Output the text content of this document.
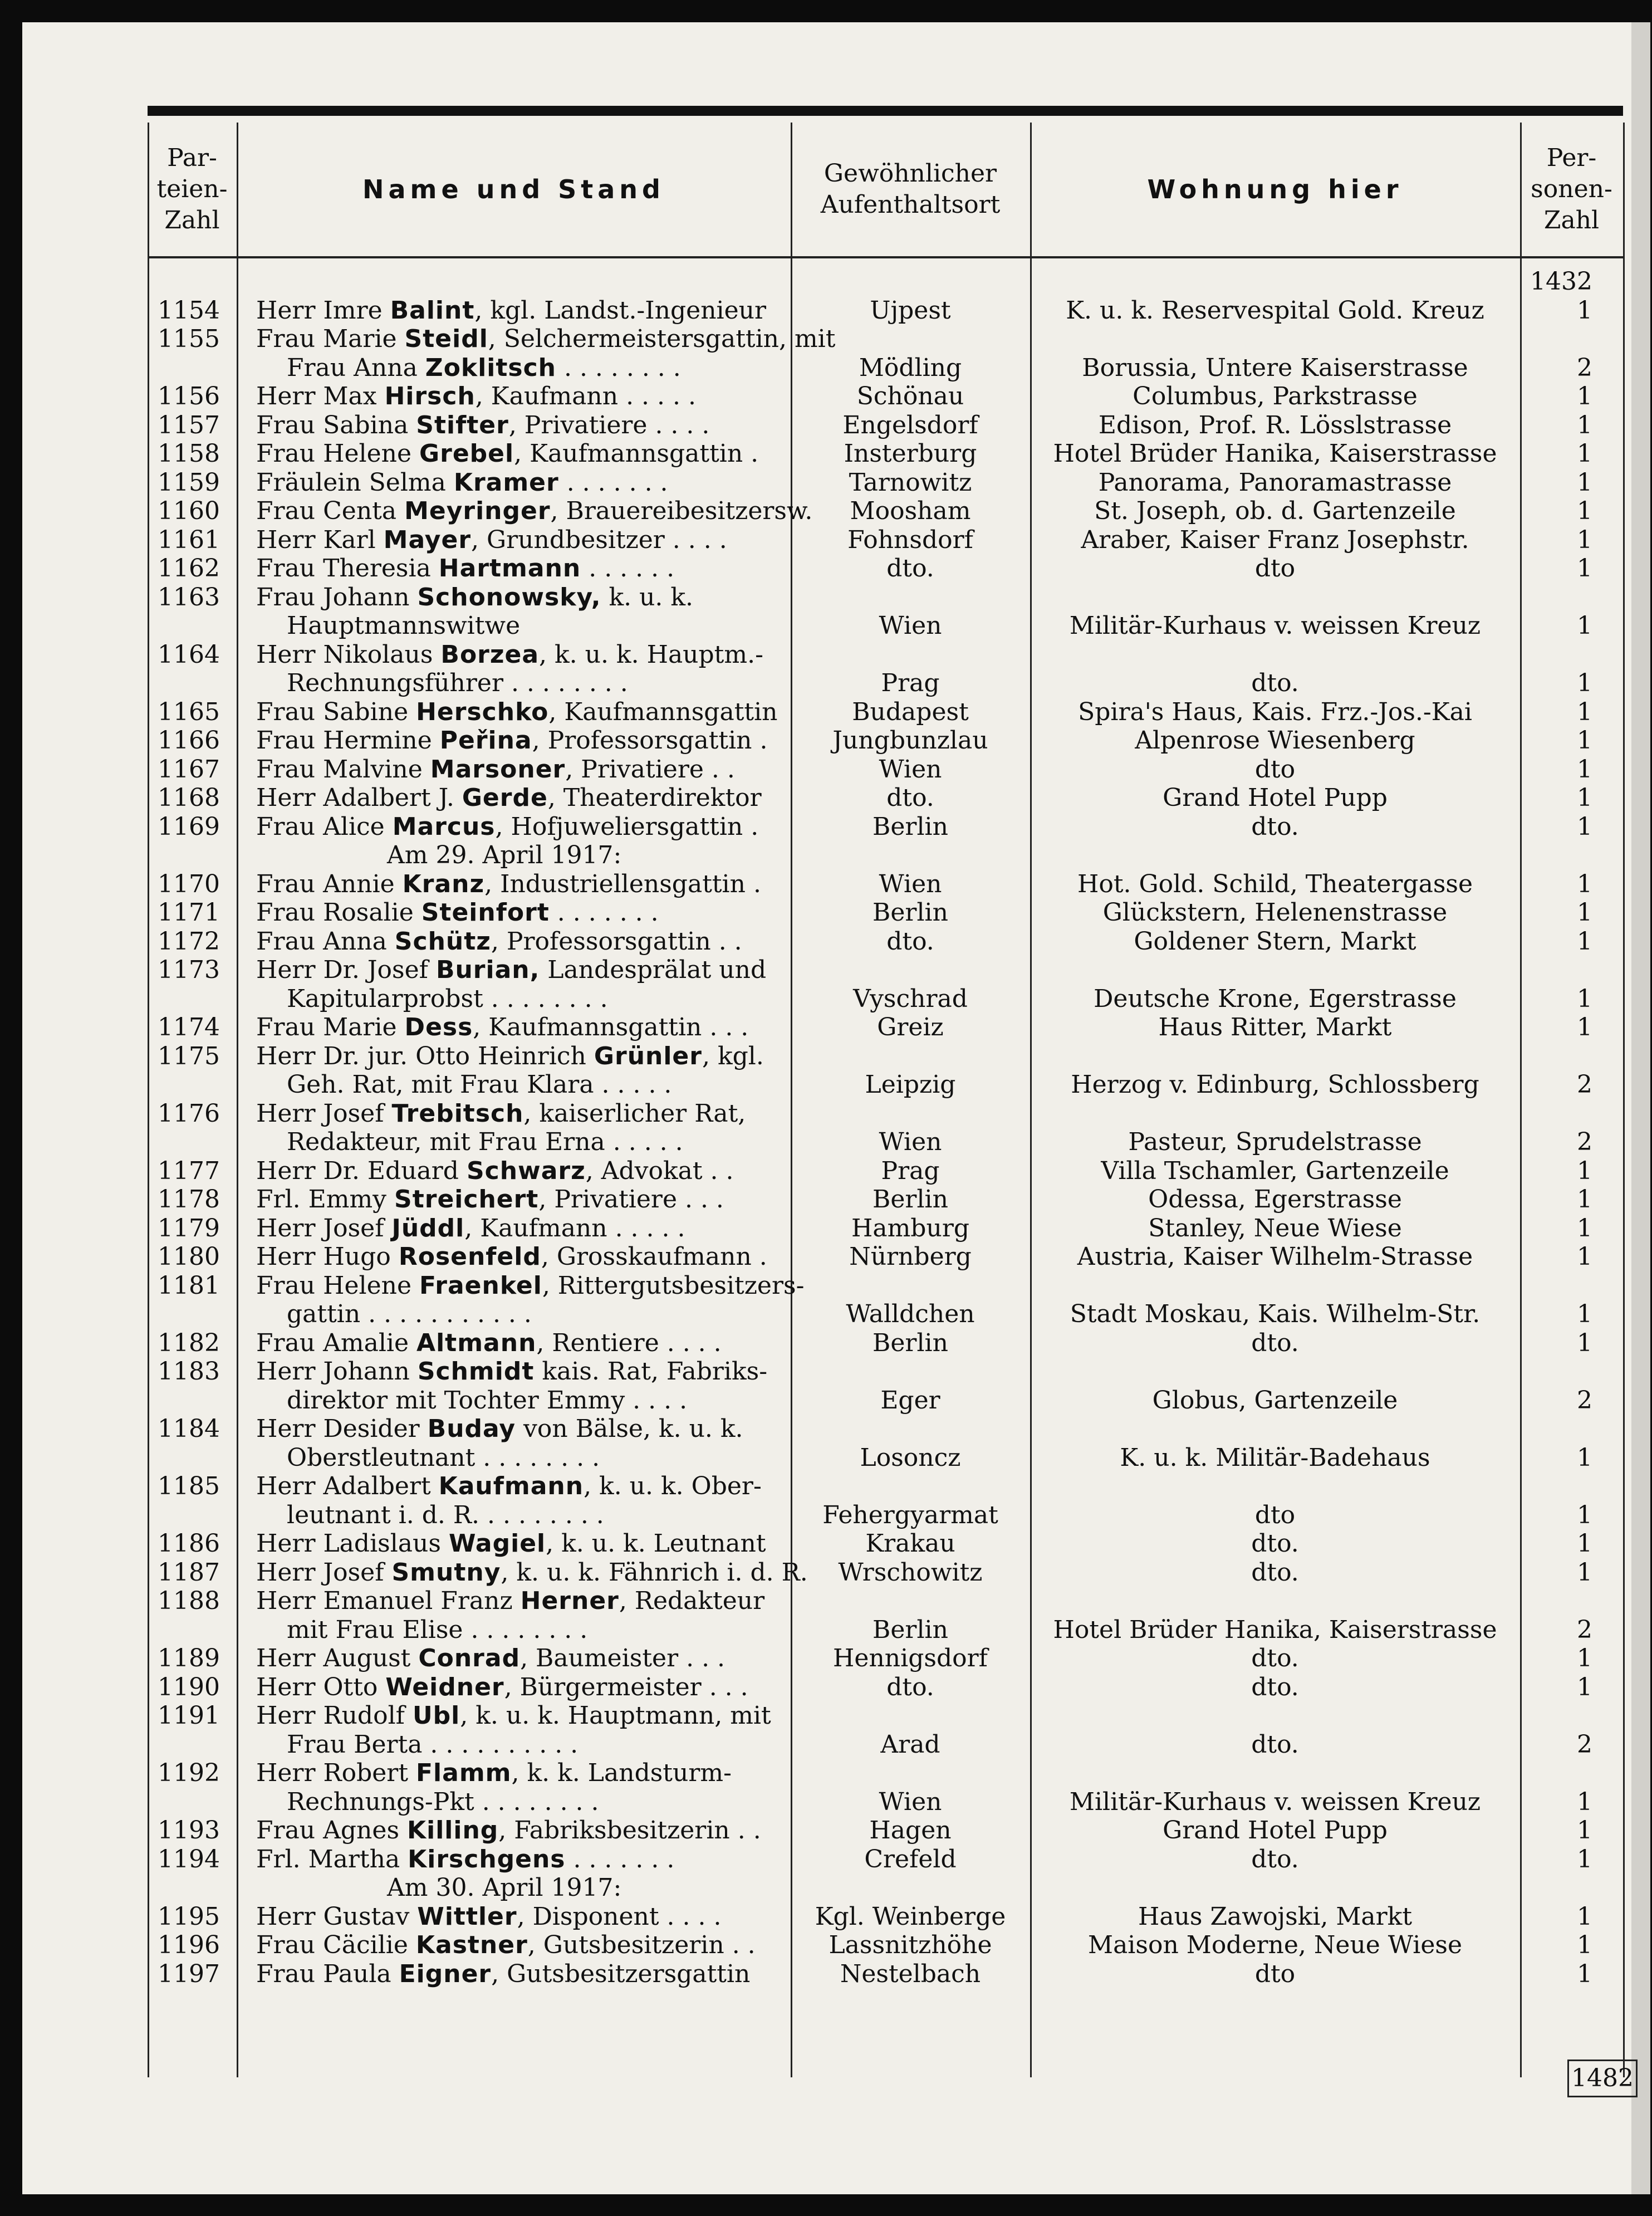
Par-
teien-
Zahl
Name und Stand
Gewöhnlicher
Aufenthaltsort
Wohnung hier
Per-
sonen-
Zahl
1432
1154	Herr Imre Balint, kgl. Landst.-Ingenieur	Ujpest	K. u. k. Reservespital Gold. Kreuz	1
1155	Frau Marie Steidl, Selchermeistersgattin, mit
Frau Anna Zoklitsch . . . . . . . .	Mödling	Borussia, Untere Kaiserstrasse	2
1156	Herr Max Hirsch, Kaufmann . . . . .	Schönau	Columbus, Parkstrasse	1
1157	Frau Sabina Stifter, Privatiere . . . .	Engelsdorf	Edison, Prof. R. Lösslstrasse	1
1158	Frau Helene Grebel, Kaufmannsgattin .	Insterburg	Hotel Brüder Hanika, Kaiserstrasse	1
1159	Fräulein Selma Kramer . . . . . . .	Tarnowitz	Panorama, Panoramastrasse	1
1160	Frau Centa Meyringer, Brauereibesitzersw.	Moosham	St. Joseph, ob. d. Gartenzeile	1
1161	Herr Karl Mayer, Grundbesitzer . . . .	Fohnsdorf	Araber, Kaiser Franz Josephstr.	1
1162	Frau Theresia Hartmann . . . . . .	dto.	dto	1
1163	Frau Johann Schonowsky, k. u. k.
Hauptmannswitwe	Wien	Militär-Kurhaus v. weissen Kreuz	1
1164	Herr Nikolaus Borzea, k. u. k. Hauptm.-
Rechnungsführer . . . . . . . .	Prag	dto.	1
1165	Frau Sabine Herschko, Kaufmannsgattin	Budapest	Spira's Haus, Kais. Frz.-Jos.-Kai	1
1166	Frau Hermine Peřina, Professorsgattin .	Jungbunzlau	Alpenrose Wiesenberg	1
1167	Frau Malvine Marsoner, Privatiere . .	Wien	dto	1
1168	Herr Adalbert J. Gerde, Theaterdirektor	dto.	Grand Hotel Pupp	1
1169	Frau Alice Marcus, Hofjuweliersgattin .	Berlin	dto.	1
Am 29. April 1917:
1170	Frau Annie Kranz, Industriellensgattin .	Wien	Hot. Gold. Schild, Theatergasse	1
1171	Frau Rosalie Steinfort . . . . . . .	Berlin	Glückstern, Helenenstrasse	1
1172	Frau Anna Schütz, Professorsgattin . .	dto.	Goldener Stern, Markt	1
1173	Herr Dr. Josef Burian, Landesprälat und
Kapitularprobst . . . . . . . .	Vyschrad	Deutsche Krone, Egerstrasse	1
1174	Frau Marie Dess, Kaufmannsgattin . . .	Greiz	Haus Ritter, Markt	1
1175	Herr Dr. jur. Otto Heinrich Grünler, kgl.
Geh. Rat, mit Frau Klara . . . . .	Leipzig	Herzog v. Edinburg, Schlossberg	2
1176	Herr Josef Trebitsch, kaiserlicher Rat,
Redakteur, mit Frau Erna . . . . .	Wien	Pasteur, Sprudelstrasse	2
1177	Herr Dr. Eduard Schwarz, Advokat . .	Prag	Villa Tschamler, Gartenzeile	1
1178	Frl. Emmy Streichert, Privatiere . . .	Berlin	Odessa, Egerstrasse	1
1179	Herr Josef Jüddl, Kaufmann . . . . .	Hamburg	Stanley, Neue Wiese	1
1180	Herr Hugo Rosenfeld, Grosskaufmann .	Nürnberg	Austria, Kaiser Wilhelm-Strasse	1
1181	Frau Helene Fraenkel, Rittergutsbesitzers-
gattin . . . . . . . . . . .	Walldchen	Stadt Moskau, Kais. Wilhelm-Str.	1
1182	Frau Amalie Altmann, Rentiere . . . .	Berlin	dto.	1
1183	Herr Johann Schmidt kais. Rat, Fabriks-
direktor mit Tochter Emmy . . . .	Eger	Globus, Gartenzeile	2
1184	Herr Desider Buday von Bälse, k. u. k.
Oberstleutnant . . . . . . . .	Losoncz	K. u. k. Militär-Badehaus	1
1185	Herr Adalbert Kaufmann, k. u. k. Ober-
leutnant i. d. R. . . . . . . . .	Fehergyarmat	dto	1
1186	Herr Ladislaus Wagiel, k. u. k. Leutnant	Krakau	dto.	1
1187	Herr Josef Smutny, k. u. k. Fähnrich i. d. R.	Wrschowitz	dto.	1
1188	Herr Emanuel Franz Herner, Redakteur
mit Frau Elise . . . . . . . .	Berlin	Hotel Brüder Hanika, Kaiserstrasse	2
1189	Herr August Conrad, Baumeister . . .	Hennigsdorf	dto.	1
1190	Herr Otto Weidner, Bürgermeister . . .	dto.	dto.	1
1191	Herr Rudolf Ubl, k. u. k. Hauptmann, mit
Frau Berta . . . . . . . . . .	Arad	dto.	2
1192	Herr Robert Flamm, k. k. Landsturm-
Rechnungs-Pkt . . . . . . . .	Wien	Militär-Kurhaus v. weissen Kreuz	1
1193	Frau Agnes Killing, Fabriksbesitzerin . .	Hagen	Grand Hotel Pupp	1
1194	Frl. Martha Kirschgens . . . . . . .	Crefeld	dto.	1
Am 30. April 1917:
1195	Herr Gustav Wittler, Disponent . . . .	Kgl. Weinberge	Haus Zawojski, Markt	1
1196	Frau Cäcilie Kastner, Gutsbesitzerin . .	Lassnitzhöhe	Maison Moderne, Neue Wiese	1
1197	Frau Paula Eigner, Gutsbesitzersgattin	Nestelbach	dto	1
1482
